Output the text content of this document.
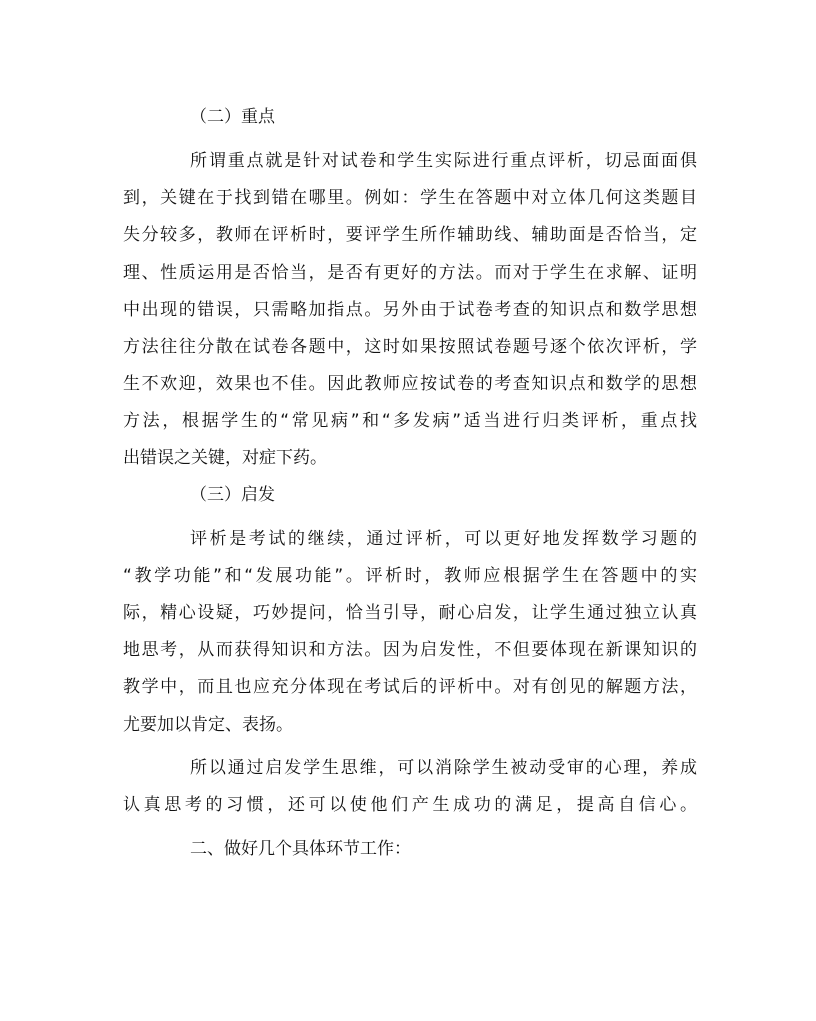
（二）重点
所谓重点就是针对试卷和学生实际进行重点评析，切忌面面俱
到，关键在于找到错在哪里。例如：学生在答题中对立体几何这类题目
失分较多，教师在评析时，要评学生所作辅助线、辅助面是否恰当，定
理、性质运用是否恰当，是否有更好的方法。而对于学生在求解、证明
中出现的错误，只需略加指点。另外由于试卷考查的知识点和数学思想
方法往往分散在试卷各题中，这时如果按照试卷题号逐个依次评析，学
生不欢迎，效果也不佳。因此教师应按试卷的考查知识点和数学的思想
方法，根据学生的“常见病”和“多发病”适当进行归类评析，重点找
出错误之关键，对症下药。
（三）启发
评析是考试的继续，通过评析，可以更好地发挥数学习题的
“教学功能”和“发展功能”。评析时，教师应根据学生在答题中的实
际，精心设疑，巧妙提问，恰当引导，耐心启发，让学生通过独立认真
地思考，从而获得知识和方法。因为启发性，不但要体现在新课知识的
教学中，而且也应充分体现在考试后的评析中。对有创见的解题方法，
尤要加以肯定、表扬。
所以通过启发学生思维，可以消除学生被动受审的心理，养成
认真思考的习惯，还可以使他们产生成功的满足，提高自信心。
二、做好几个具体环节工作：
